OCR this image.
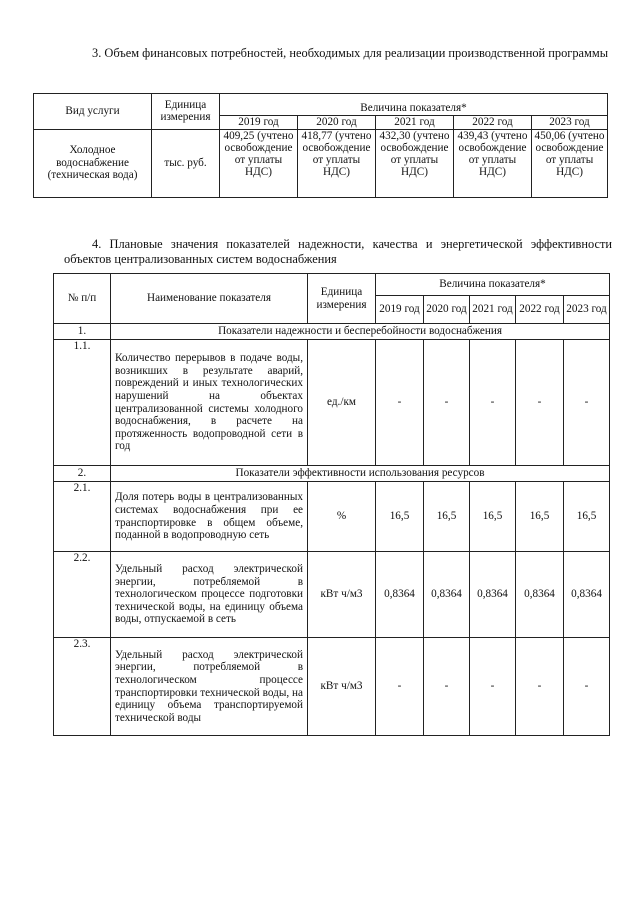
3. Объем финансовых потребностей, необходимых для реализации производственной программы

Вид услуги	Единица измерения	Величина показателя*				
		2019 год	2020 год	2021 год	2022 год	2023 год
Холодное водоснабжение (техническая вода)	тыс. руб.	409,25 (учтено освобождение от уплаты НДС)	418,77 (учтено освобождение от уплаты НДС)	432,30 (учтено освобождение от уплаты НДС)	439,43 (учтено освобождение от уплаты НДС)	450,06 (учтено освобождение от уплаты НДС)

4. Плановые значения показателей надежности, качества и энергетической эффективности объектов централизованных систем водоснабжения

№ п/п	Наименование показателя	Единица измерения	Величина показателя*				
			2019 год	2020 год	2021 год	2022 год	2023 год
1.	Показатели надежности и бесперебойности водоснабжения						
1.1.	Количество перерывов в подаче воды, возникших в результате аварий, повреждений и иных технологических нарушений на объектах централизованной системы холодного водоснабжения, в расчете на протяженность водопроводной сети в год	ед./км	-	-	-	-	-
2.	Показатели эффективности использования ресурсов						
2.1.	Доля потерь воды в централизованных системах водоснабжения при ее транспортировке в общем объеме, поданной в водопроводную сеть	%	16,5	16,5	16,5	16,5	16,5
2.2.	Удельный расход электрической энергии, потребляемой в технологическом процессе подготовки технической воды, на единицу объема воды, отпускаемой в сеть	кВт ч/м3	0,8364	0,8364	0,8364	0,8364	0,8364
2.3.	Удельный расход электрической энергии, потребляемой в технологическом процессе транспортировки технической воды, на единицу объема транспортируемой технической воды	кВт ч/м3	-	-	-	-	-
